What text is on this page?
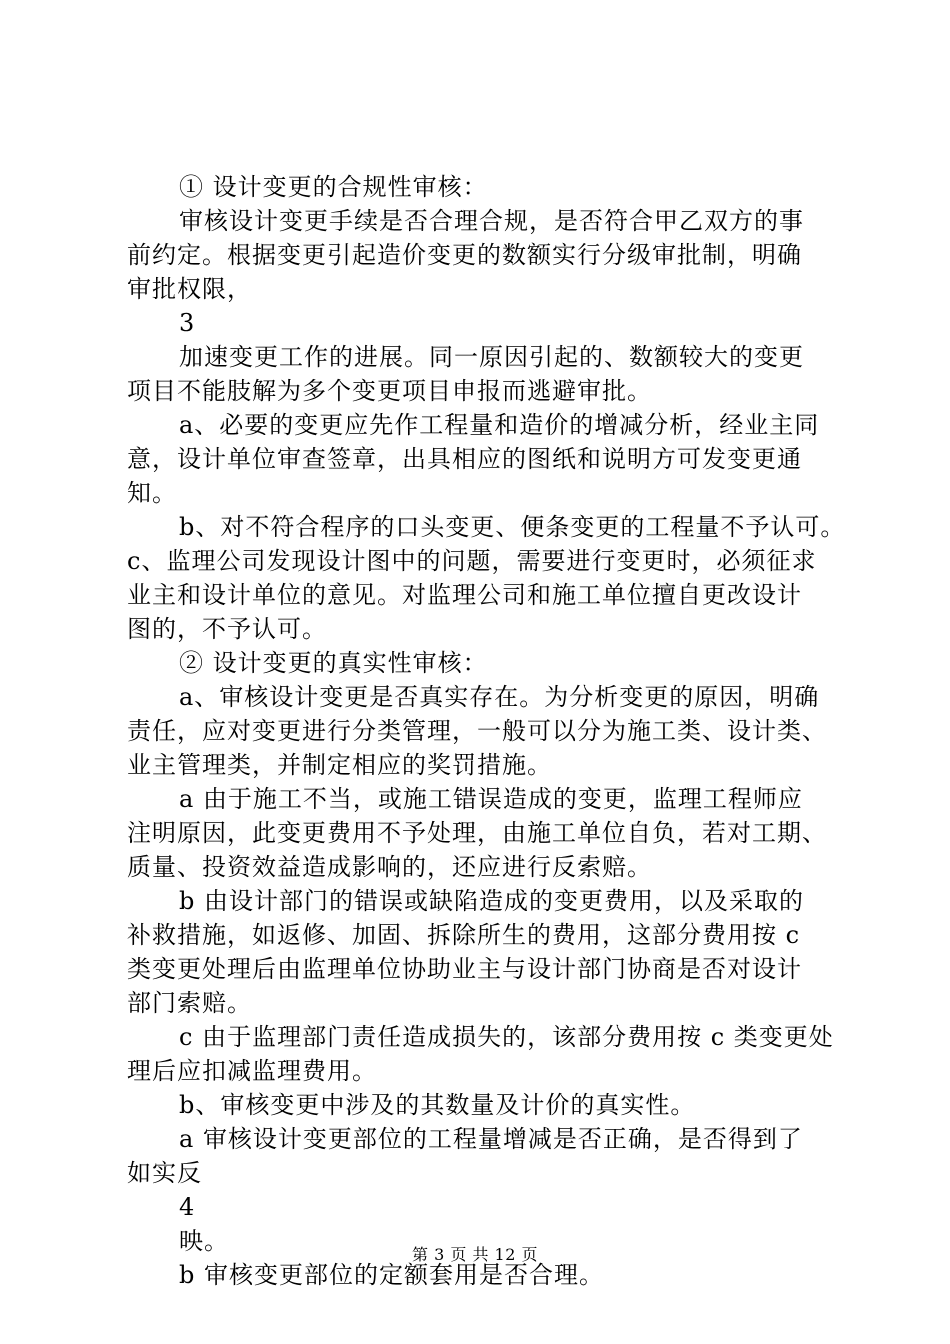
① 设计变更的合规性审核：
审核设计变更手续是否合理合规，是否符合甲乙双方的事
前约定。根据变更引起造价变更的数额实行分级审批制，明确
审批权限，
3
加速变更工作的进展。同一原因引起的、数额较大的变更
项目不能肢解为多个变更项目申报而逃避审批。
a、必要的变更应先作工程量和造价的增减分析，经业主同
意，设计单位审查签章，出具相应的图纸和说明方可发变更通
知。
b、对不符合程序的口头变更、便条变更的工程量不予认可。
c、监理公司发现设计图中的问题，需要进行变更时，必须征求
业主和设计单位的意见。对监理公司和施工单位擅自更改设计
图的，不予认可。
② 设计变更的真实性审核：
a、审核设计变更是否真实存在。为分析变更的原因，明确
责任，应对变更进行分类管理，一般可以分为施工类、设计类、
业主管理类，并制定相应的奖罚措施。
a 由于施工不当，或施工错误造成的变更，监理工程师应
注明原因，此变更费用不予处理，由施工单位自负，若对工期、
质量、投资效益造成影响的，还应进行反索赔。
b 由设计部门的错误或缺陷造成的变更费用，以及采取的
补救措施，如返修、加固、拆除所生的费用，这部分费用按 c
类变更处理后由监理单位协助业主与设计部门协商是否对设计
部门索赔。
c 由于监理部门责任造成损失的，该部分费用按 c 类变更处
理后应扣减监理费用。
b、审核变更中涉及的其数量及计价的真实性。
a 审核设计变更部位的工程量增减是否正确，是否得到了
如实反
4
映。
b 审核变更部位的定额套用是否合理。
第 3 页 共 12 页
